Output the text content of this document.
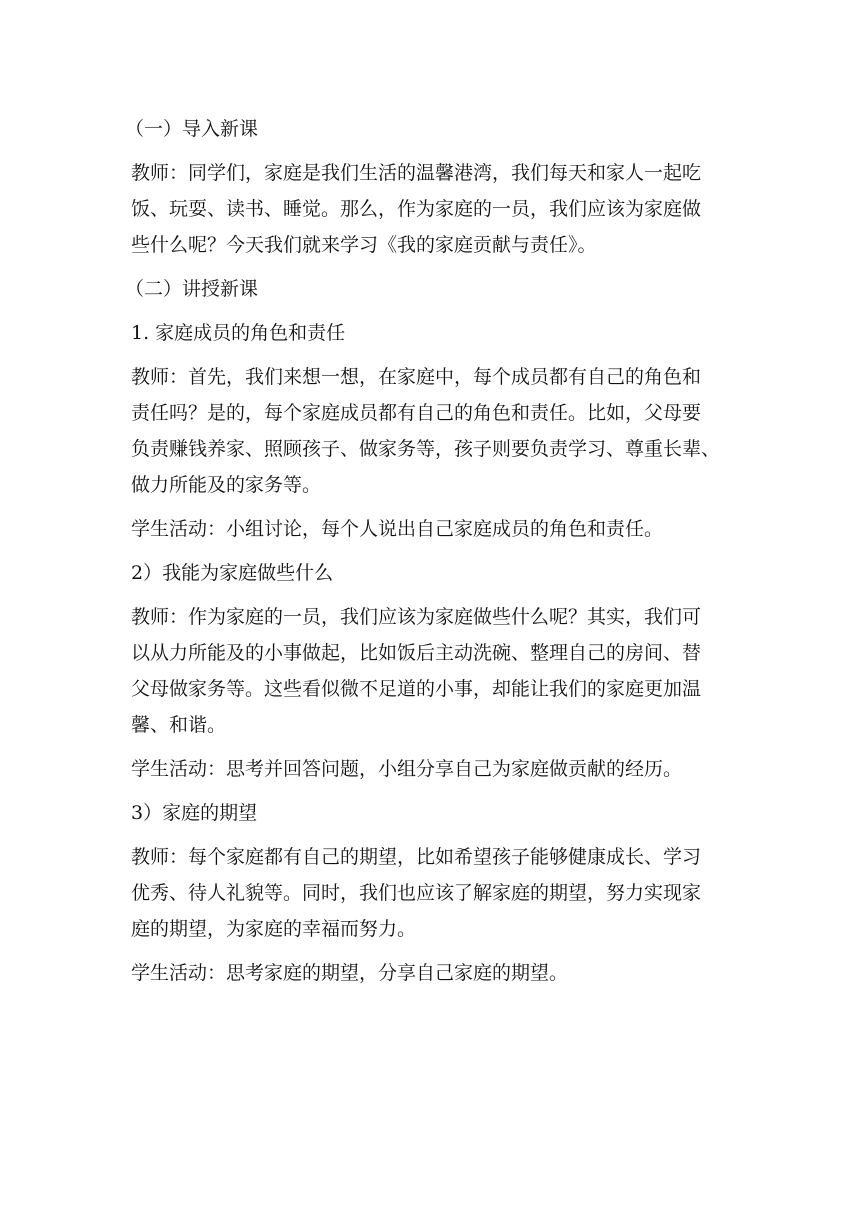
（一）导入新课

教师：同学们，家庭是我们生活的温馨港湾，我们每天和家人一起吃

饭、玩耍、读书、睡觉。那么，作为家庭的一员，我们应该为家庭做

些什么呢？今天我们就来学习《我的家庭贡献与责任》。

（二）讲授新课

1. 家庭成员的角色和责任

教师：首先，我们来想一想，在家庭中，每个成员都有自己的角色和

责任吗？是的，每个家庭成员都有自己的角色和责任。比如，父母要

负责赚钱养家、照顾孩子、做家务等，孩子则要负责学习、尊重长辈、

做力所能及的家务等。

学生活动：小组讨论，每个人说出自己家庭成员的角色和责任。

2）我能为家庭做些什么

教师：作为家庭的一员，我们应该为家庭做些什么呢？其实，我们可

以从力所能及的小事做起，比如饭后主动洗碗、整理自己的房间、替

父母做家务等。这些看似微不足道的小事，却能让我们的家庭更加温

馨、和谐。

学生活动：思考并回答问题，小组分享自己为家庭做贡献的经历。

3）家庭的期望

教师：每个家庭都有自己的期望，比如希望孩子能够健康成长、学习

优秀、待人礼貌等。同时，我们也应该了解家庭的期望，努力实现家

庭的期望，为家庭的幸福而努力。

学生活动：思考家庭的期望，分享自己家庭的期望。
